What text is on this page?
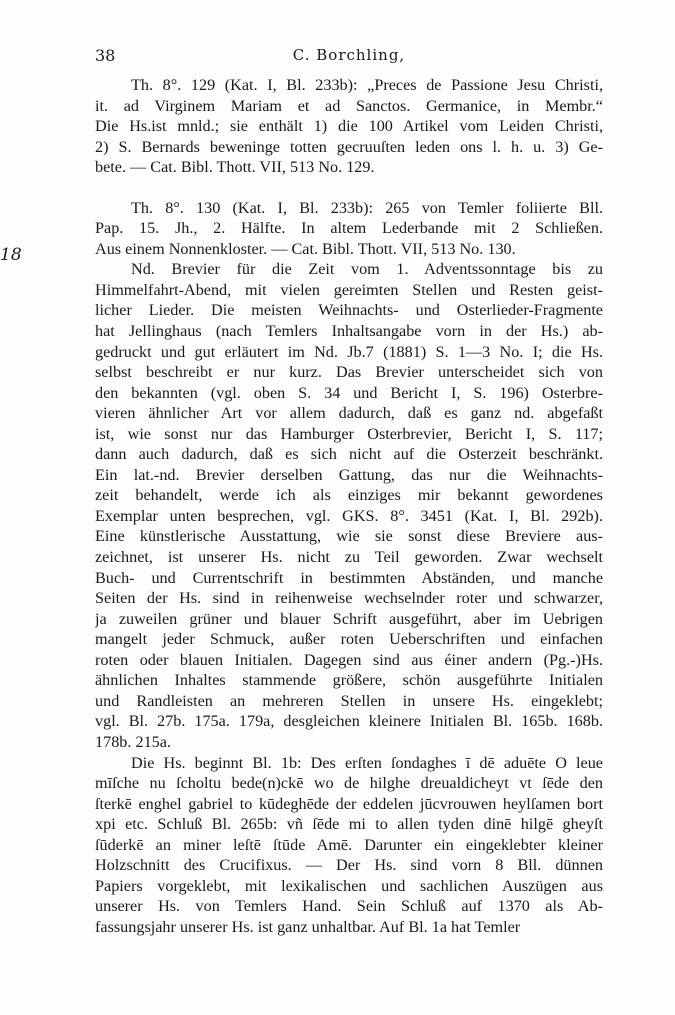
38	C. Borchling,
18
Th. 8°. 129 (Kat. I, Bl. 233b): „Preces de Passione Jesu Christi,
it. ad Virginem Mariam et ad Sanctos. Germanice, in Membr.“
Die Hs.ist mnld.; sie enthält 1) die 100 Artikel vom Leiden Christi,
2) S. Bernards beweninge totten gecruuſten leden ons l. h. u. 3) Ge-
bete. — Cat. Bibl. Thott. VII, 513 No. 129.
Th. 8°. 130 (Kat. I, Bl. 233b): 265 von Temler foliierte Bll.
Pap. 15. Jh., 2. Hälfte. In altem Lederbande mit 2 Schließen.
Aus einem Nonnenkloster. — Cat. Bibl. Thott. VII, 513 No. 130.
Nd. Brevier für die Zeit vom 1. Adventssonntage bis zu
Himmelfahrt-Abend, mit vielen gereimten Stellen und Resten geist-
licher Lieder. Die meisten Weihnachts- und Osterlieder-Fragmente
hat Jellinghaus (nach Temlers Inhaltsangabe vorn in der Hs.) ab-
gedruckt und gut erläutert im Nd. Jb.7 (1881) S. 1—3 No. I; die Hs.
selbst beschreibt er nur kurz. Das Brevier unterscheidet sich von
den bekannten (vgl. oben S. 34 und Bericht I, S. 196) Osterbre-
vieren ähnlicher Art vor allem dadurch, daß es ganz nd. abgefaßt
ist, wie sonst nur das Hamburger Osterbrevier, Bericht I, S. 117;
dann auch dadurch, daß es sich nicht auf die Osterzeit beschränkt.
Ein lat.-nd. Brevier derselben Gattung, das nur die Weihnachts-
zeit behandelt, werde ich als einziges mir bekannt gewordenes
Exemplar unten besprechen, vgl. GKS. 8°. 3451 (Kat. I, Bl. 292b).
Eine künstlerische Ausstattung, wie sie sonst diese Breviere aus-
zeichnet, ist unserer Hs. nicht zu Teil geworden. Zwar wechselt
Buch- und Currentschrift in bestimmten Abständen, und manche
Seiten der Hs. sind in reihenweise wechselnder roter und schwarzer,
ja zuweilen grüner und blauer Schrift ausgeführt, aber im Uebrigen
mangelt jeder Schmuck, außer roten Ueberschriften und einfachen
roten oder blauen Initialen. Dagegen sind aus éiner andern (Pg.-)Hs.
ähnlichen Inhaltes stammende größere, schön ausgeführte Initialen
und Randleisten an mehreren Stellen in unsere Hs. eingeklebt;
vgl. Bl. 27b. 175a. 179a, desgleichen kleinere Initialen Bl. 165b. 168b.
178b. 215a.
Die Hs. beginnt Bl. 1b: Des erſten ſondaghes ī dē aduēte O leue
mīſche nu ſcholtu bede(n)ckē wo de hilghe dreualdicheyt vt ſēde den
ſterkē enghel gabriel to kūdeghēde der eddelen jūcvrouwen heylſamen bort
xpi etc. Schluß Bl. 265b: vñ ſēde mi to allen tyden dinē hilgē gheyſt
ſūderkē an miner leſtē ſtūde Amē. Darunter ein eingeklebter kleiner
Holzschnitt des Crucifixus. — Der Hs. sind vorn 8 Bll. dünnen
Papiers vorgeklebt, mit lexikalischen und sachlichen Auszügen aus
unserer Hs. von Temlers Hand. Sein Schluß auf 1370 als Ab-
fassungsjahr unserer Hs. ist ganz unhaltbar. Auf Bl. 1a hat Temler
